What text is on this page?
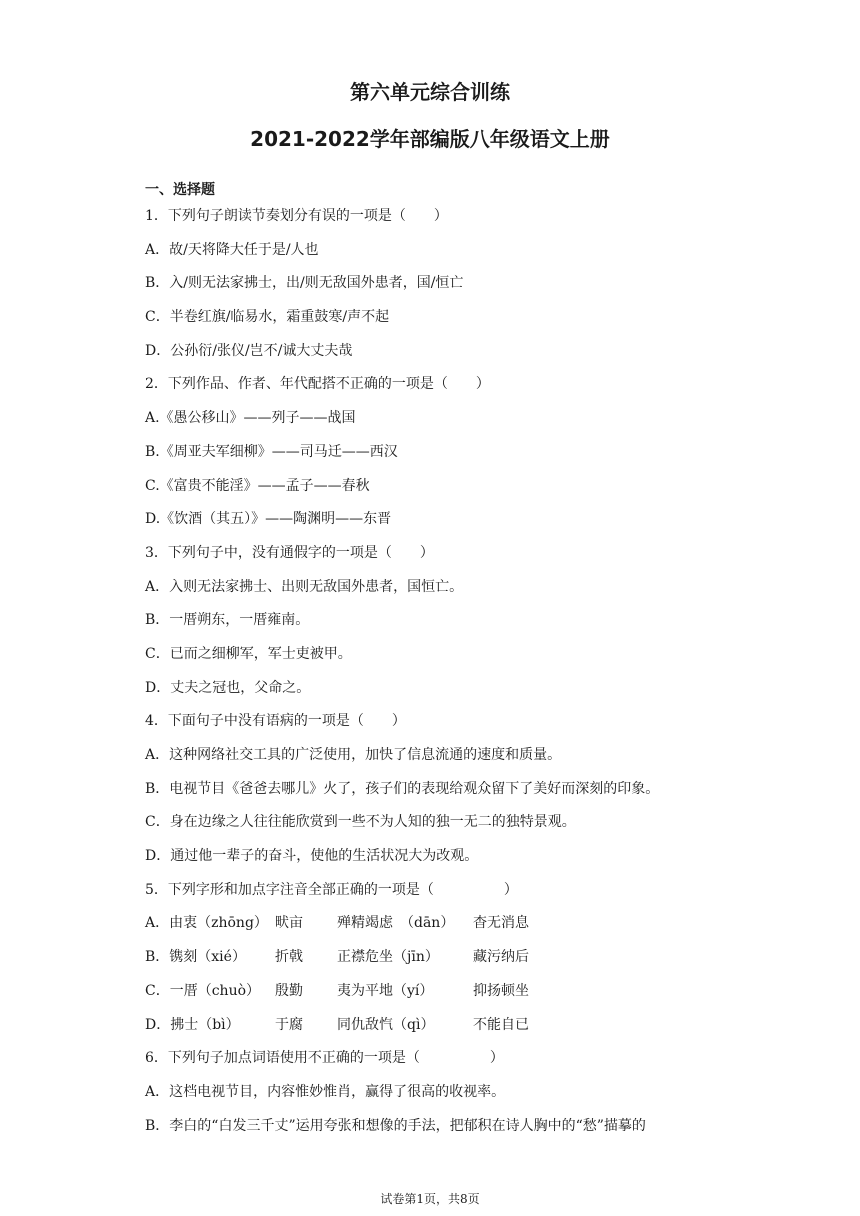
第六单元综合训练
2021-2022学年部编版八年级语文上册
一、选择题
1．下列句子朗读节奏划分有误的一项是（　　）
A．故/天将降大任于是/人也
B．入/则无法家拂士，出/则无敌国外患者，国/恒亡
C．半卷红旗/临易水，霜重鼓寒/声不起
D．公孙衍/张仪/岂不/诚大丈夫哉
2．下列作品、作者、年代配搭不正确的一项是（　　）
A.《愚公移山》——列子——战国
B.《周亚夫军细柳》——司马迁——西汉
C.《富贵不能淫》——孟子——春秋
D.《饮酒（其五）》——陶渊明——东晋
3．下列句子中，没有通假字的一项是（　　）
A．入则无法家拂士、出则无敌国外患者，国恒亡。
B．一厝朔东，一厝雍南。
C．已而之细柳军，军士吏被甲。
D．丈夫之冠也，父命之。
4．下面句子中没有语病的一项是（　　）
A．这种网络社交工具的广泛使用，加快了信息流通的速度和质量。
B．电视节目《爸爸去哪儿》火了，孩子们的表现给观众留下了美好而深刻的印象。
C．身在边缘之人往往能欣赏到一些不为人知的独一无二的独特景观。
D．通过他一辈子的奋斗，使他的生活状况大为改观。
5．下列字形和加点字注音全部正确的一项是（　　　　　）
A．由衷（zhōng） 畎亩 殚精竭虑　（dān） 杳无消息
B．镌刻（xié） 折戟 正襟危坐（jīn） 藏污纳后
C．一厝（chuò） 殷勤 夷为平地（yí）	抑扬顿坐
D．拂士（bì）	于腐 同仇敌忾（qì）	不能自已
6．下列句子加点词语使用不正确的一项是（　　　　　）
A．这档电视节目，内容惟妙惟肖，赢得了很高的收视率。
B．李白的“白发三千丈”运用夸张和想像的手法，把郁积在诗人胸中的“愁”描摹的
试卷第1页，共8页
